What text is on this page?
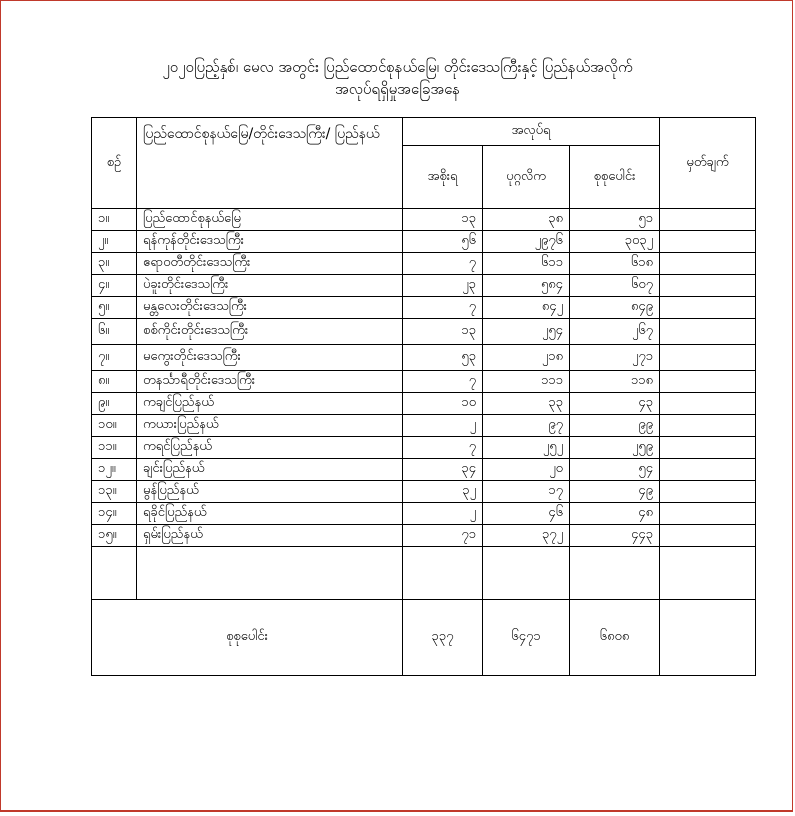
၂၀၂၀ပြည့်နှစ်၊ မေလ အတွင်း ပြည်ထောင်စုနယ်မြေ၊ တိုင်းဒေသကြီးနှင့် ပြည်နယ်အလိုက်
အလုပ်ရရှိမှုအခြေအနေ
စဉ်	ပြည်ထောင်စုနယ်မြေ/တိုင်းဒေသကြီး/ ပြည်နယ်	အလုပ်ရ			မှတ်ချက်
		အစိုးရ	ပုဂ္ဂလိက	စုစုပေါင်း	
၁။	ပြည်ထောင်စုနယ်မြေ	၁၃	၃၈	၅၁	
၂။	ရန်ကုန်တိုင်းဒေသကြီး	၅၆	၂၉၇၆	၃၀၃၂	
၃။	ဧရာဝတီတိုင်းဒေသကြီး	၇	၆၁၁	၆၁၈	
၄။	ပဲခူးတိုင်းဒေသကြီး	၂၃	၅၈၄	၆၀၇	
၅။	မန္တလေးတိုင်းဒေသကြီး	၇	၈၄၂	၈၄၉	
၆။	စစ်ကိုင်းတိုင်းဒေသကြီး	၁၃	၂၅၄	၂၆၇	
၇။	မကွေးတိုင်းဒေသကြီး	၅၃	၂၁၈	၂၇၁	
၈။	တနင်္သာရီတိုင်းဒေသကြီး	၇	၁၁၁	၁၁၈	
၉။	ကချင်ပြည်နယ်	၁၀	၃၃	၄၃	
၁၀။	ကယားပြည်နယ်	၂	၉၇	၉၉	
၁၁။	ကရင်ပြည်နယ်	၇	၂၅၂	၂၅၉	
၁၂။	ချင်းပြည်နယ်	၃၄	၂၀	၅၄	
၁၃။	မွန်ပြည်နယ်	၃၂	၁၇	၄၉	
၁၄။	ရခိုင်ပြည်နယ်	၂	၄၆	၄၈	
၁၅။	ရှမ်းပြည်နယ်	၇၁	၃၇၂	၄၄၃	

စုစုပေါင်း		၃၃၇	၆၄၇၁	၆၈၀၈	
